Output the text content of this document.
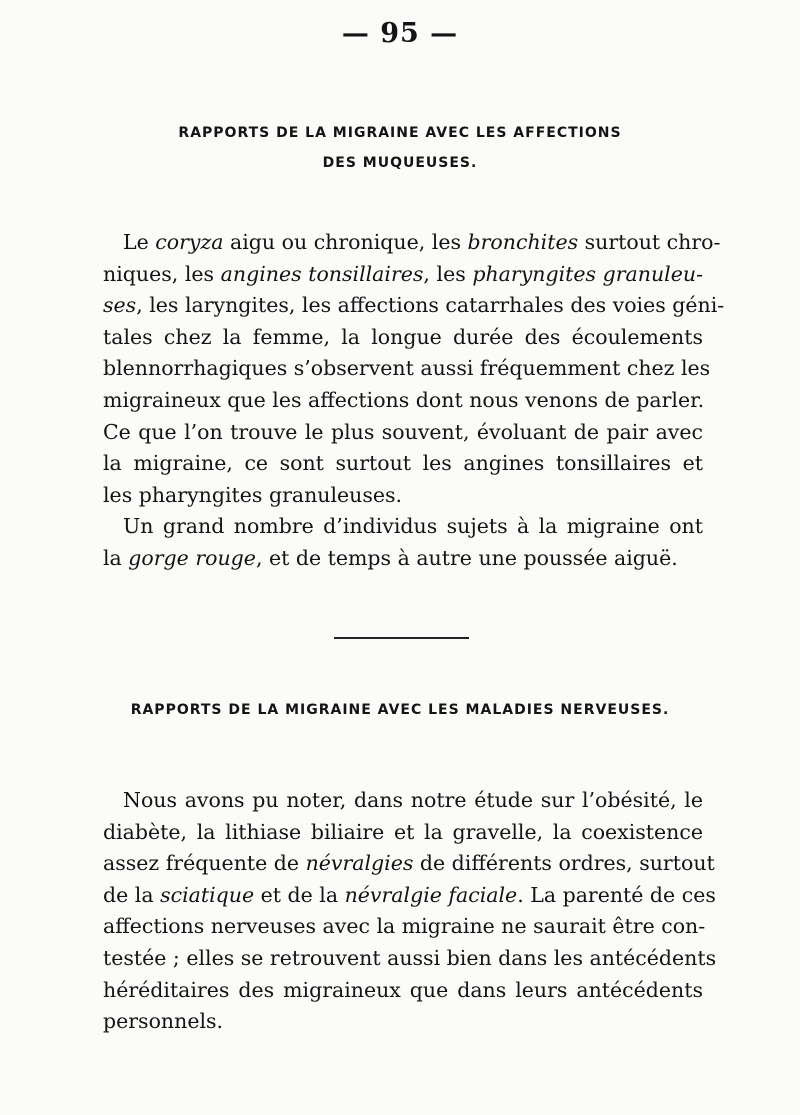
— 95 —
RAPPORTS DE LA MIGRAINE AVEC LES AFFECTIONS
DES MUQUEUSES.
Le coryza aigu ou chronique, les bronchites surtout chro-
niques, les angines tonsillaires, les pharyngites granuleu-
ses, les laryngites, les affections catarrhales des voies géni-
tales chez la femme, la longue durée des écoulements
blennorrhagiques s’observent aussi fréquemment chez les
migraineux que les affections dont nous venons de parler.
Ce que l’on trouve le plus souvent, évoluant de pair avec
la migraine, ce sont surtout les angines tonsillaires et
les pharyngites granuleuses.
Un grand nombre d’individus sujets à la migraine ont
la gorge rouge, et de temps à autre une poussée aiguë.
RAPPORTS DE LA MIGRAINE AVEC LES MALADIES NERVEUSES.
Nous avons pu noter, dans notre étude sur l’obésité, le
diabète, la lithiase biliaire et la gravelle, la coexistence
assez fréquente de névralgies de différents ordres, surtout
de la sciatique et de la névralgie faciale. La parenté de ces
affections nerveuses avec la migraine ne saurait être con-
testée ; elles se retrouvent aussi bien dans les antécédents
héréditaires des migraineux que dans leurs antécédents
personnels.
